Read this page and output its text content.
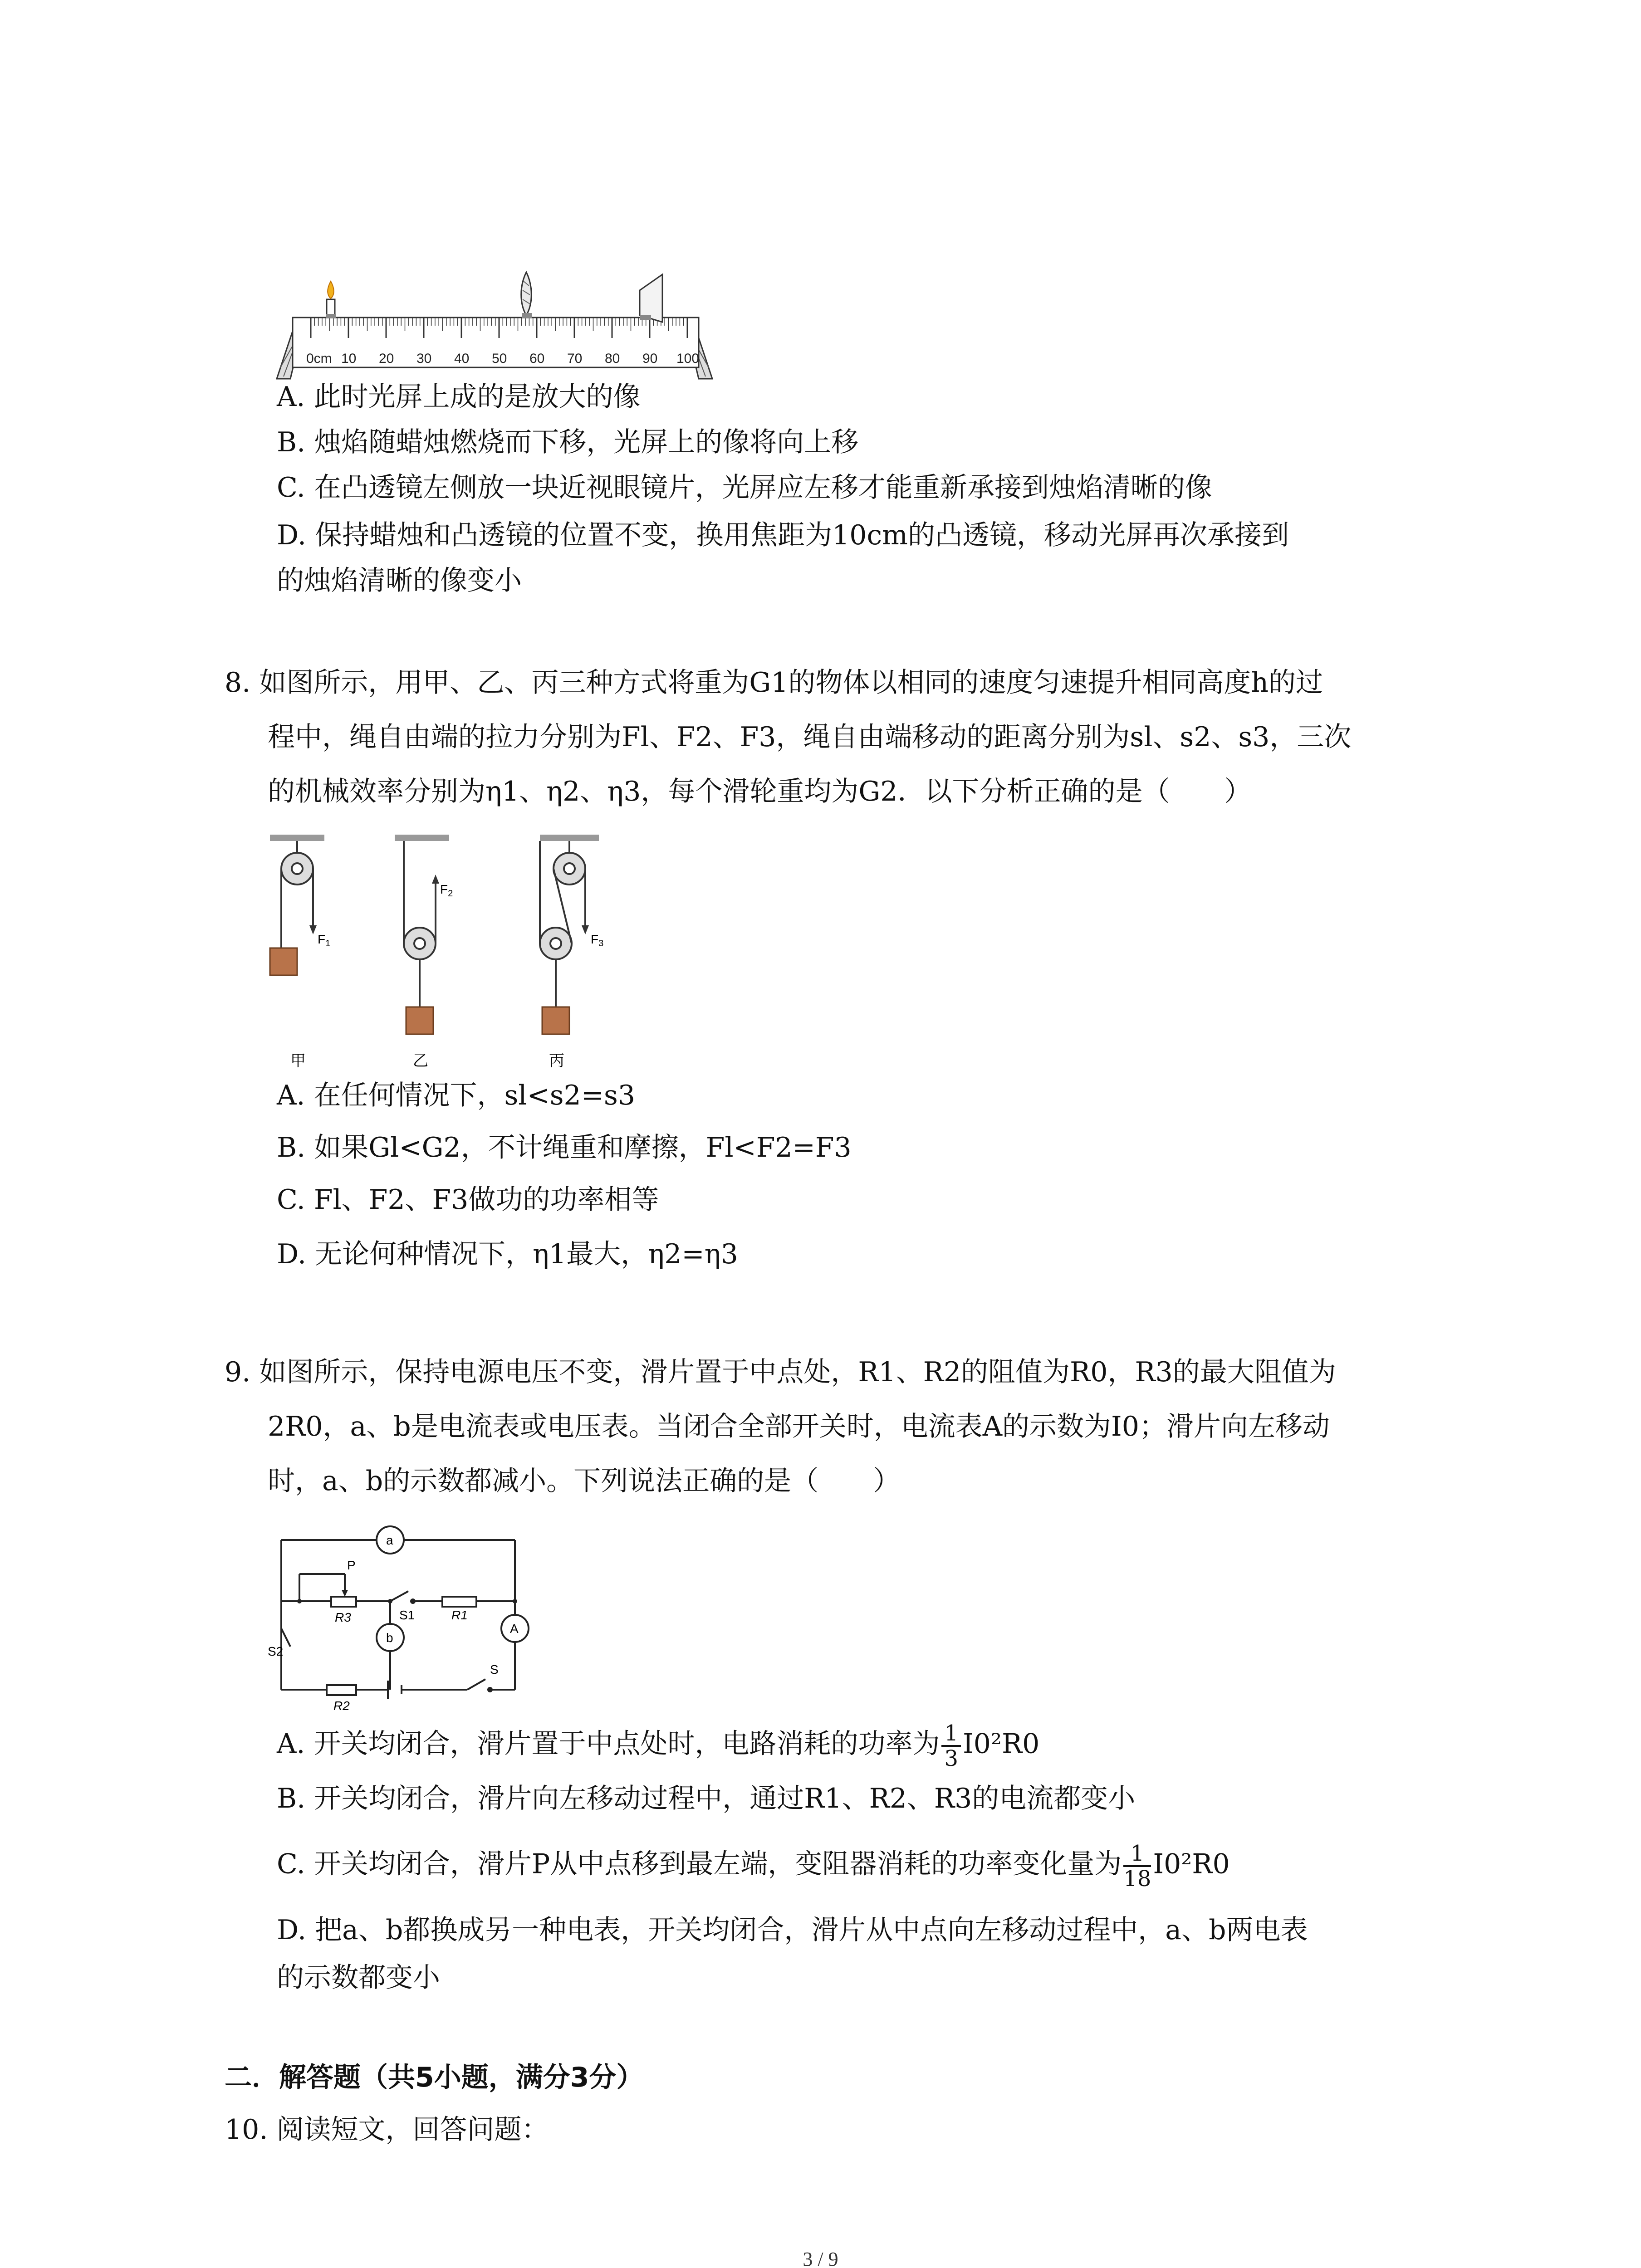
0cm 10 20 30 40 50 60 70 80 90 100
A. 此时光屏上成的是放大的像
B. 烛焰随蜡烛燃烧而下移，光屏上的像将向上移
C. 在凸透镜左侧放一块近视眼镜片，光屏应左移才能重新承接到烛焰清晰的像
D. 保持蜡烛和凸透镜的位置不变，换用焦距为10cm的凸透镜，移动光屏再次承接到
的烛焰清晰的像变小
8. 如图所示，用甲、乙、丙三种方式将重为G1的物体以相同的速度匀速提升相同高度h的过
程中，绳自由端的拉力分别为Fl、F2、F3，绳自由端移动的距离分别为sl、s2、s3，三次
的机械效率分别为η1、η2、η3，每个滑轮重均为G2．以下分析正确的是（ ）
$F_1$
甲
$F_2$
乙
$F_3$
丙
A. 在任何情况下，sl<s2=s3
B. 如果Gl<G2，不计绳重和摩擦，Fl<F2=F3
C. Fl、F2、F3做功的功率相等
D. 无论何种情况下，η1最大，η2=η3
9. 如图所示，保持电源电压不变，滑片置于中点处，R1、R2的阻值为R0，R3的最大阻值为
2R0，a、b是电流表或电压表。当闭合全部开关时，电流表A的示数为I0；滑片向左移动
时，a、b的示数都减小。下列说法正确的是（ ）
a
b
A
P
R3	S1	R1
S2
R2
S
A. 开关均闭合，滑片置于中点处时，电路消耗的功率为 $\frac{1}{3} I0^2R0$
B. 开关均闭合，滑片向左移动过程中，通过R1、R2、R3的电流都变小
C. 开关均闭合，滑片P从中点移到最左端，变阻器消耗的功率变化量为 $\frac{1}{18} I0^2R0$
D. 把a、b都换成另一种电表，开关均闭合，滑片从中点向左移动过程中，a、b两电表
的示数都变小
二．解答题（共5小题，满分3分）
10. 阅读短文，回答问题：
3 / 9
